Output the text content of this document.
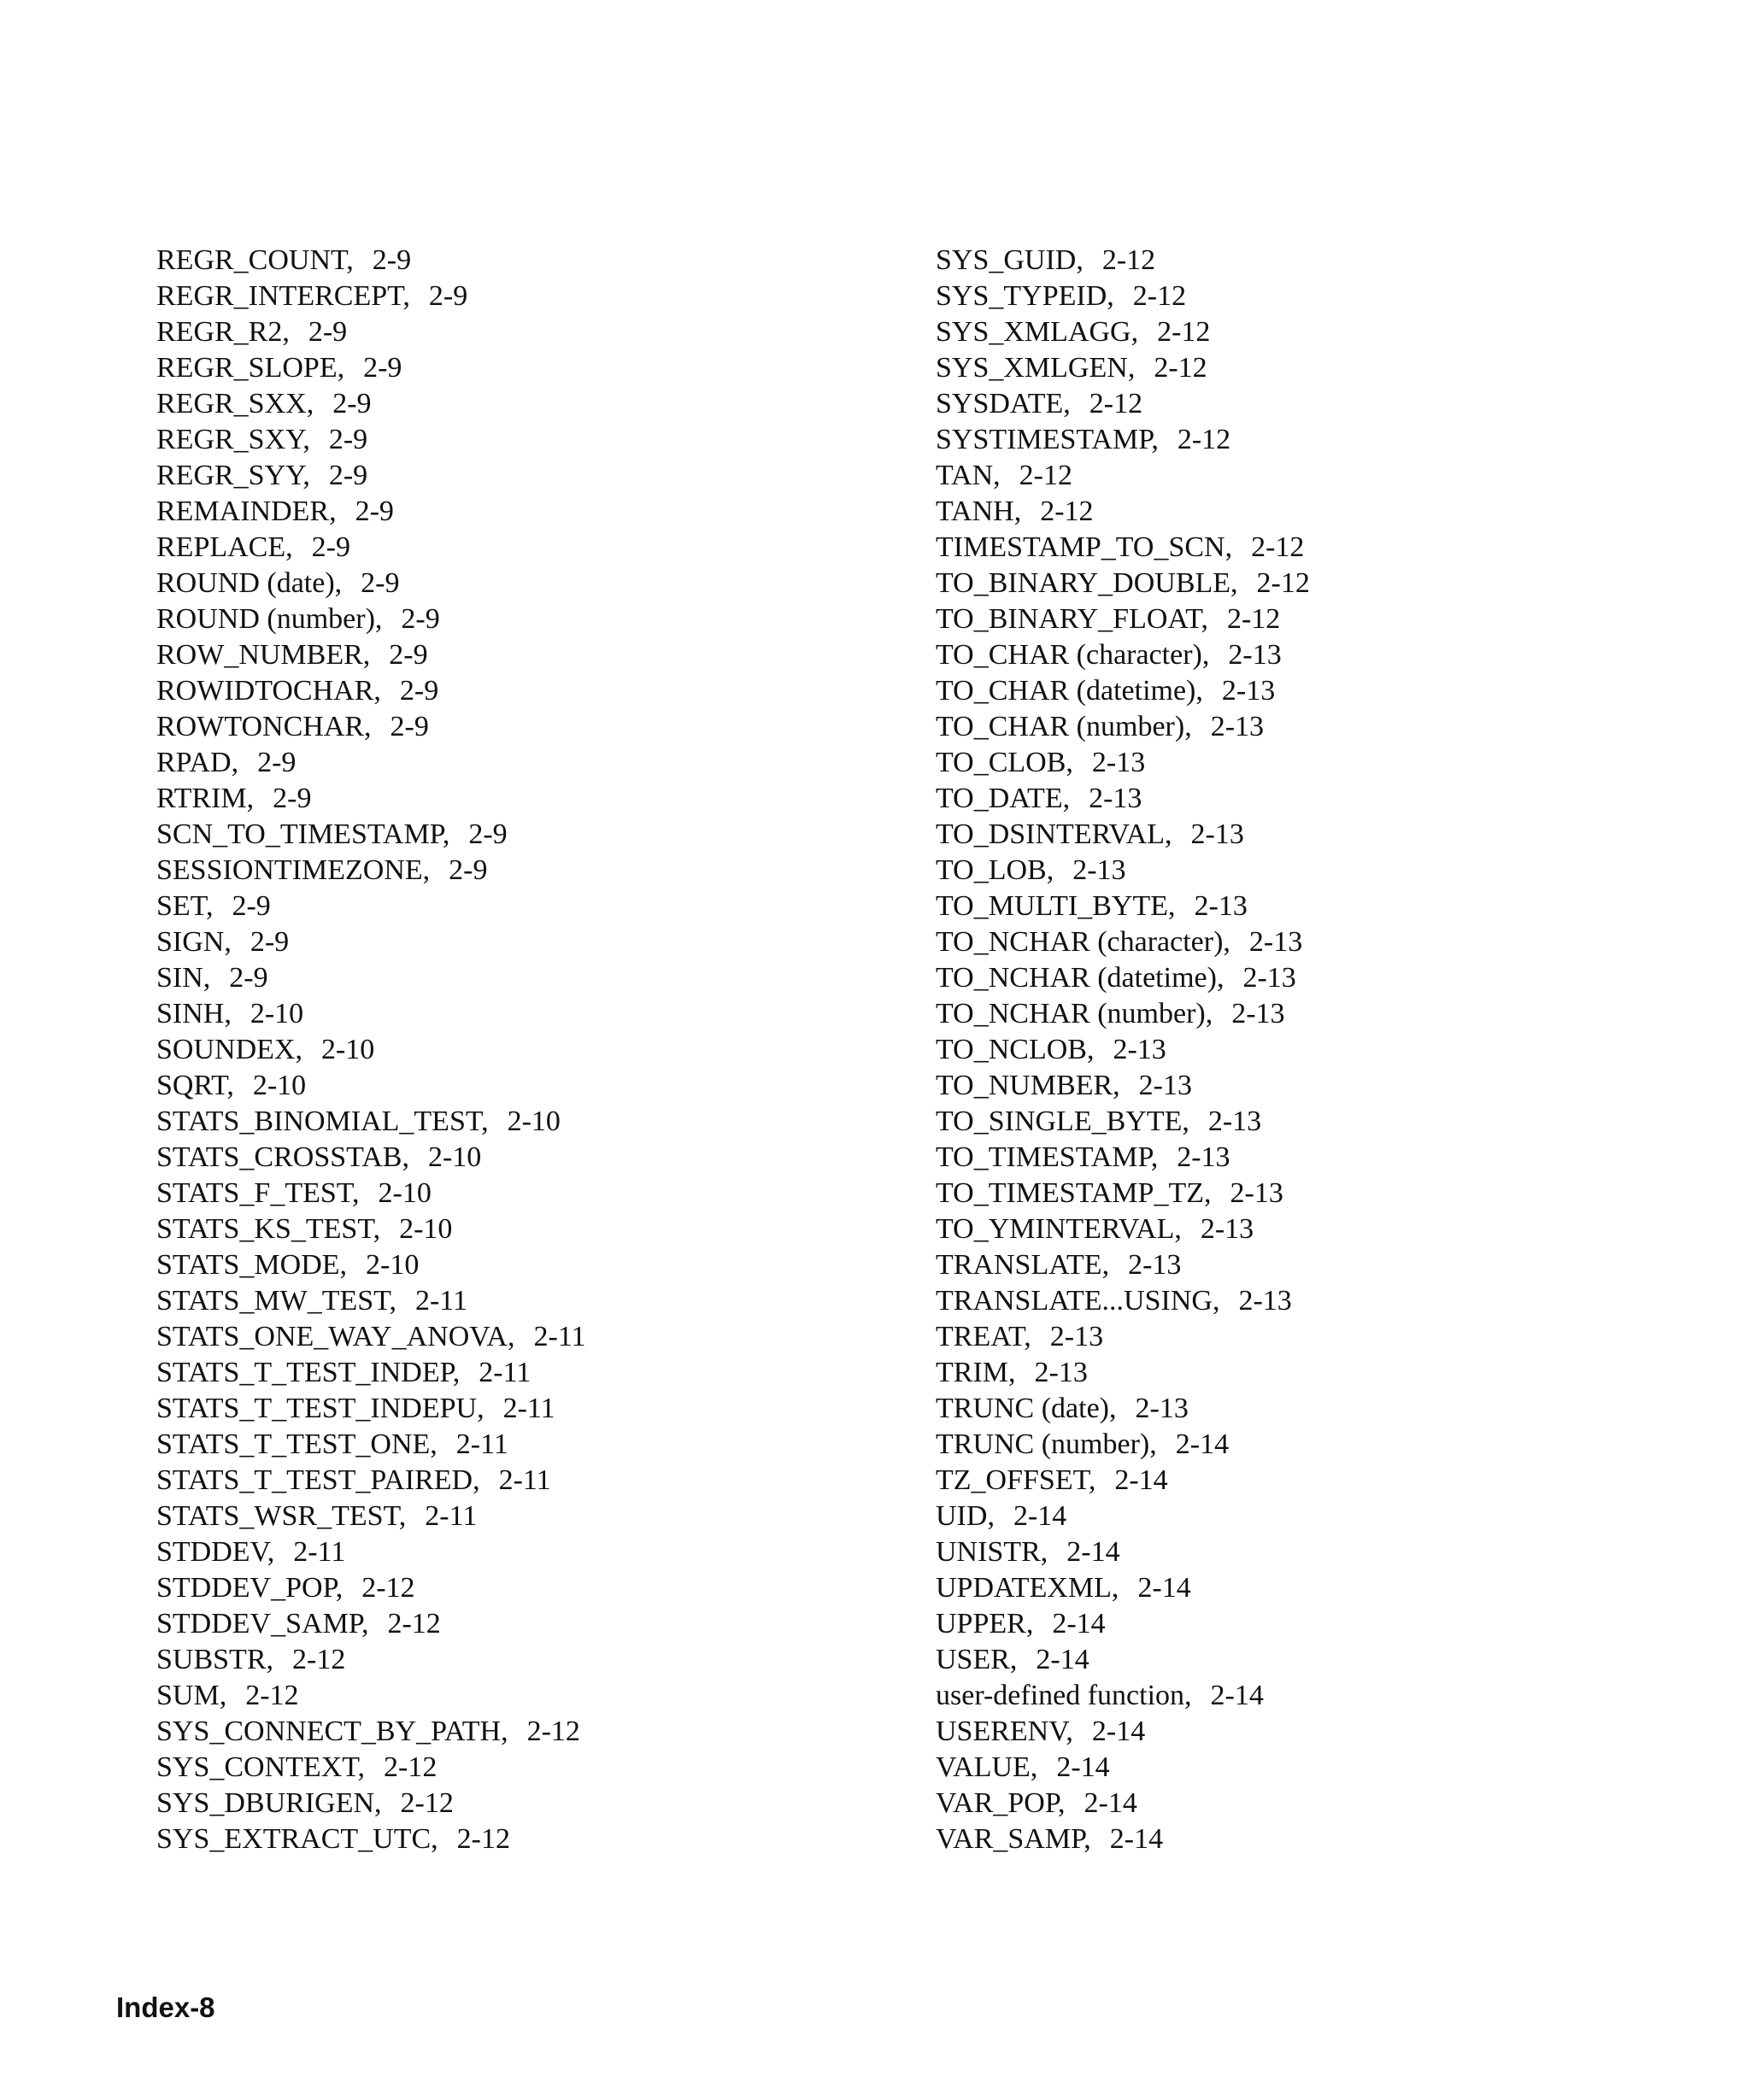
REGR_COUNT, 2-9
REGR_INTERCEPT, 2-9
REGR_R2, 2-9
REGR_SLOPE, 2-9
REGR_SXX, 2-9
REGR_SXY, 2-9
REGR_SYY, 2-9
REMAINDER, 2-9
REPLACE, 2-9
ROUND (date), 2-9
ROUND (number), 2-9
ROW_NUMBER, 2-9
ROWIDTOCHAR, 2-9
ROWTONCHAR, 2-9
RPAD, 2-9
RTRIM, 2-9
SCN_TO_TIMESTAMP, 2-9
SESSIONTIMEZONE, 2-9
SET, 2-9
SIGN, 2-9
SIN, 2-9
SINH, 2-10
SOUNDEX, 2-10
SQRT, 2-10
STATS_BINOMIAL_TEST, 2-10
STATS_CROSSTAB, 2-10
STATS_F_TEST, 2-10
STATS_KS_TEST, 2-10
STATS_MODE, 2-10
STATS_MW_TEST, 2-11
STATS_ONE_WAY_ANOVA, 2-11
STATS_T_TEST_INDEP, 2-11
STATS_T_TEST_INDEPU, 2-11
STATS_T_TEST_ONE, 2-11
STATS_T_TEST_PAIRED, 2-11
STATS_WSR_TEST, 2-11
STDDEV, 2-11
STDDEV_POP, 2-12
STDDEV_SAMP, 2-12
SUBSTR, 2-12
SUM, 2-12
SYS_CONNECT_BY_PATH, 2-12
SYS_CONTEXT, 2-12
SYS_DBURIGEN, 2-12
SYS_EXTRACT_UTC, 2-12
SYS_GUID, 2-12
SYS_TYPEID, 2-12
SYS_XMLAGG, 2-12
SYS_XMLGEN, 2-12
SYSDATE, 2-12
SYSTIMESTAMP, 2-12
TAN, 2-12
TANH, 2-12
TIMESTAMP_TO_SCN, 2-12
TO_BINARY_DOUBLE, 2-12
TO_BINARY_FLOAT, 2-12
TO_CHAR (character), 2-13
TO_CHAR (datetime), 2-13
TO_CHAR (number), 2-13
TO_CLOB, 2-13
TO_DATE, 2-13
TO_DSINTERVAL, 2-13
TO_LOB, 2-13
TO_MULTI_BYTE, 2-13
TO_NCHAR (character), 2-13
TO_NCHAR (datetime), 2-13
TO_NCHAR (number), 2-13
TO_NCLOB, 2-13
TO_NUMBER, 2-13
TO_SINGLE_BYTE, 2-13
TO_TIMESTAMP, 2-13
TO_TIMESTAMP_TZ, 2-13
TO_YMINTERVAL, 2-13
TRANSLATE, 2-13
TRANSLATE...USING, 2-13
TREAT, 2-13
TRIM, 2-13
TRUNC (date), 2-13
TRUNC (number), 2-14
TZ_OFFSET, 2-14
UID, 2-14
UNISTR, 2-14
UPDATEXML, 2-14
UPPER, 2-14
USER, 2-14
user-defined function, 2-14
USERENV, 2-14
VALUE, 2-14
VAR_POP, 2-14
VAR_SAMP, 2-14
Index-8
